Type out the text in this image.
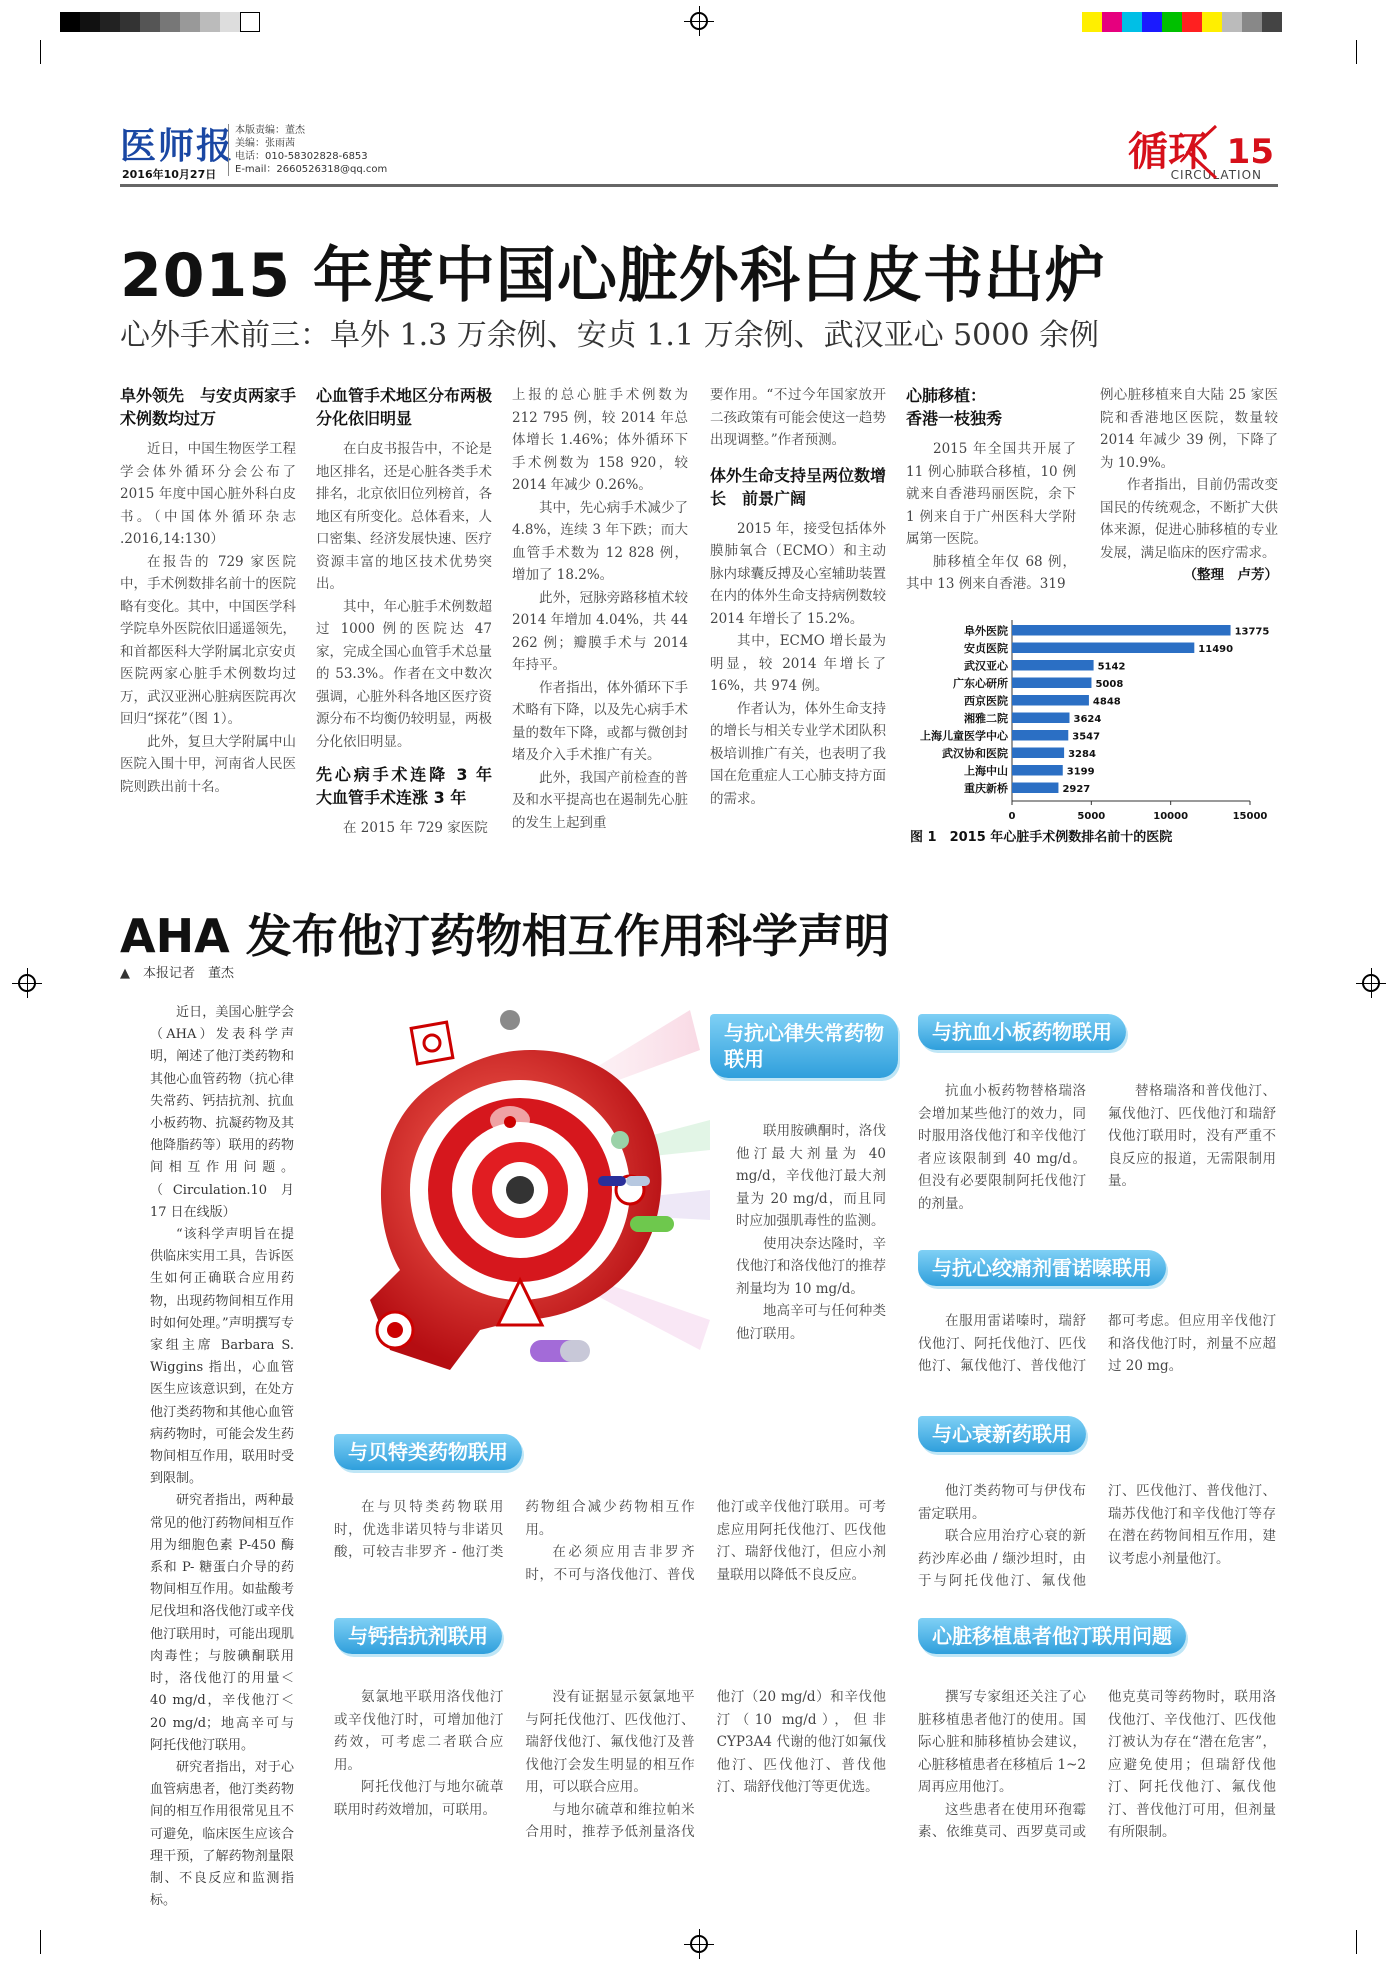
医师报
2016年10月27日
本版责编：董杰
美编：张雨茜
电话：010-58302828-6853
E-mail：2660526318@qq.com	循环
CIRCULATION
15
2015 年度中国心脏外科白皮书出炉
心外手术前三：阜外 1.3 万余例、安贞 1.1 万余例、武汉亚心 5000 余例
阜外领先　与安贞两家手术例数均过万

近日，中国生物医学工程学会体外循环分会公布了 2015 年度中国心脏外科白皮书。（中国体外循环杂志 .2016,14:130）

在报告的 729 家医院中，手术例数排名前十的医院略有变化。其中，中国医学科学院阜外医院依旧遥遥领先，和首都医科大学附属北京安贞医院两家心脏手术例数均过万，武汉亚洲心脏病医院再次回归“探花”（图 1）。

此外，复旦大学附属中山医院入围十甲，河南省人民医院则跌出前十名。

心血管手术地区分布两极分化依旧明显

在白皮书报告中，不论是地区排名，还是心脏各类手术排名，北京依旧位列榜首，各地区有所变化。总体看来，人口密集、经济发展快速、医疗资源丰富的地区技术优势突出。

其中，年心脏手术例数超过 1000 例的医院达 47 家，完成全国心血管手术总量的 53.3%。作者在文中数次强调，心脏外科各地区医疗资源分布不均衡仍较明显，两极分化依旧明显。

先心病手术连降 3 年　大血管手术连涨 3 年

在 2015 年 729 家医院

上报的总心脏手术例数为 212 795 例，较 2014 年总体增长 1.46%；体外循环下手术例数为 158 920，较 2014 年减少 0.26%。

其中，先心病手术减少了 4.8%，连续 3 年下跌；而大血管手术数为 12 828 例，增加了 18.2%。

此外，冠脉旁路移植术较 2014 年增加 4.04%，共 44 262 例；瓣膜手术与 2014 年持平。

作者指出，体外循环下手术略有下降，以及先心病手术量的数年下降，或都与微创封堵及介入手术推广有关。

此外，我国产前检查的普及和水平提高也在遏制先心脏的发生上起到重

要作用。“不过今年国家放开二孩政策有可能会使这一趋势出现调整。”作者预测。

体外生命支持呈两位数增长　前景广阔

2015 年，接受包括体外膜肺氧合（ECMO）和主动脉内球囊反搏及心室辅助装置在内的体外生命支持病例数较 2014 年增长了 15.2%。

其中，ECMO 增长最为明显，较 2014 年增长了 16%，共 974 例。

作者认为，体外生命支持的增长与相关专业学术团队积极培训推广有关，也表明了我国在危重症人工心肺支持方面的需求。

心肺移植：
香港一枝独秀

2015 年全国共开展了 11 例心肺联合移植，10 例就来自香港玛丽医院，余下 1 例来自于广州医科大学附属第一医院。

肺移植全年仅 68 例，其中 13 例来自香港。319

例心脏移植来自大陆 25 家医院和香港地区医院，数量较 2014 年减少 39 例，下降了为 10.9%。

作者指出，目前仍需改变国民的传统观念，不断扩大供体来源，促进心肺移植的专业发展，满足临床的医疗需求。

（整理　卢芳）

阜外医院	13775
安贞医院	11490
武汉亚心	5142
广东心研所	5008
西京医院	4848
湘雅二院	3624
上海儿童医学中心	3547
武汉协和医院	3284
上海中山	3199
重庆新桥	2927
0	5000	10000	15000
图 1　2015 年心脏手术例数排名前十的医院
AHA 发布他汀药物相互作用科学声明
▲　本报记者　董杰

近日，美国心脏学会（AHA）发表科学声明，阐述了他汀类药物和其他心血管药物（抗心律失常药、钙拮抗剂、抗血小板药物、抗凝药物及其他降脂药等）联用的药物间相互作用问题。（Circulation.10 月 17 日在线版）

“该科学声明旨在提供临床实用工具，告诉医生如何正确联合应用药物，出现药物间相互作用时如何处理。”声明撰写专家组主席 Barbara S. Wiggins 指出，心血管医生应该意识到，在处方他汀类药物和其他心血管病药物时，可能会发生药物间相互作用，联用时受到限制。

研究者指出，两种最常见的他汀药物间相互作用为细胞色素 P-450 酶系和 P- 糖蛋白介导的药物间相互作用。如盐酸考尼伐坦和洛伐他汀或辛伐他汀联用时，可能出现肌肉毒性；与胺碘酮联用时，洛伐他汀的用量＜ 40 mg/d，辛伐他汀＜ 20 mg/d；地高辛可与阿托伐他汀联用。

研究者指出，对于心血管病患者，他汀类药物间的相互作用很常见且不可避免，临床医生应该合理干预，了解药物剂量限制、不良反应和监测指标。

与抗心律失常药物联用

联用胺碘酮时，洛伐他汀最大剂量为 40 mg/d，辛伐他汀最大剂量为 20 mg/d，而且同时应加强肌毒性的监测。

使用决奈达隆时，辛伐他汀和洛伐他汀的推荐剂量均为 10 mg/d。

地高辛可与任何种类他汀联用。

与抗血小板药物联用

抗血小板药物替格瑞洛会增加某些他汀的效力，同时服用洛伐他汀和辛伐他汀者应该限制到 40 mg/d。但没有必要限制阿托伐他汀的剂量。

替格瑞洛和普伐他汀、氟伐他汀、匹伐他汀和瑞舒伐他汀联用时，没有严重不良反应的报道，无需限制用量。

与抗心绞痛剂雷诺嗪联用

在服用雷诺嗪时，瑞舒伐他汀、阿托伐他汀、匹伐他汀、氟伐他汀、普伐他汀都可考虑。但应用辛伐他汀和洛伐他汀时，剂量不应超过 20 mg。

与贝特类药物联用

在与贝特类药物联用时，优选非诺贝特与非诺贝酸，可较吉非罗齐 - 他汀类药物组合减少药物相互作用。

在必须应用吉非罗齐时，不可与洛伐他汀、普伐他汀或辛伐他汀联用。可考虑应用阿托伐他汀、匹伐他汀、瑞舒伐他汀，但应小剂量联用以降低不良反应。

与心衰新药联用

他汀类药物可与伊伐布雷定联用。

联合应用治疗心衰的新药沙库必曲 / 缬沙坦时，由于与阿托伐他汀、氟伐他汀、匹伐他汀、普伐他汀、瑞苏伐他汀和辛伐他汀等存在潜在药物间相互作用，建议考虑小剂量他汀。

与钙拮抗剂联用

氨氯地平联用洛伐他汀或辛伐他汀时，可增加他汀药效，可考虑二者联合应用。

阿托伐他汀与地尔硫䓬联用时药效增加，可联用。

没有证据显示氨氯地平与阿托伐他汀、匹伐他汀、瑞舒伐他汀、氟伐他汀及普伐他汀会发生明显的相互作用，可以联合应用。

与地尔硫䓬和维拉帕米合用时，推荐予低剂量洛伐他汀（20 mg/d）和辛伐他汀（10 mg/d），但非 CYP3A4 代谢的他汀如氟伐他汀、匹伐他汀、普伐他汀、瑞舒伐他汀等更优选。

心脏移植患者他汀联用问题

撰写专家组还关注了心脏移植患者他汀的使用。国际心脏和肺移植协会建议，心脏移植患者在移植后 1~2 周再应用他汀。

这些患者在使用环孢霉素、依维莫司、西罗莫司或他克莫司等药物时，联用洛伐他汀、辛伐他汀、匹伐他汀被认为存在“潜在危害”，应避免使用；但瑞舒伐他汀、阿托伐他汀、氟伐他汀、普伐他汀可用，但剂量有所限制。
